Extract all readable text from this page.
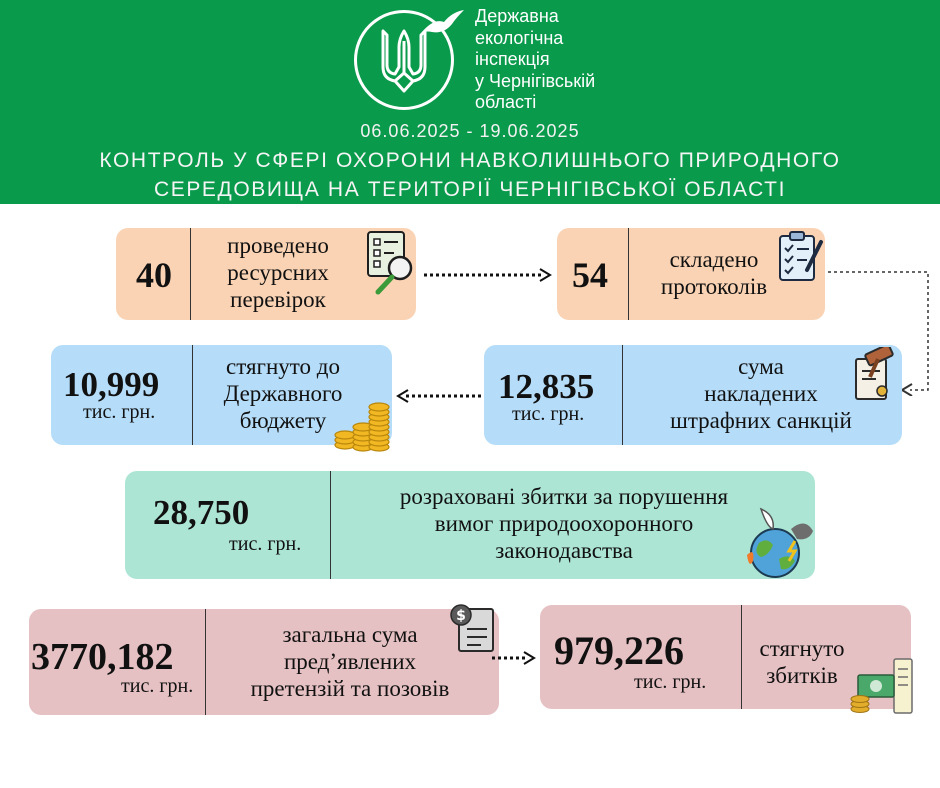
Державна
екологічна
інспекція
у Чернігівській
області
06.06.2025 - 19.06.2025
КОНТРОЛЬ У СФЕРІ ОХОРОНИ НАВКОЛИШНЬОГО ПРИРОДНОГО
СЕРЕДОВИЩА НА ТЕРИТОРІЇ ЧЕРНІГІВСЬКОЇ ОБЛАСТІ
40
проведено
ресурсних
перевірок
54	складено
протоколів
12,835
тис. грн.
сума
накладених
штрафних санкцій
10,999
тис. грн.
стягнуто до
Державного
бюджету
28,750
тис. грн.
розраховані збитки за порушення
вимог природоохоронного
законодавства
3770,182
тис. грн.
загальна сума
пред’явлених
претензій та позовів
$
979,226
тис. грн.
стягнуто
збитків
